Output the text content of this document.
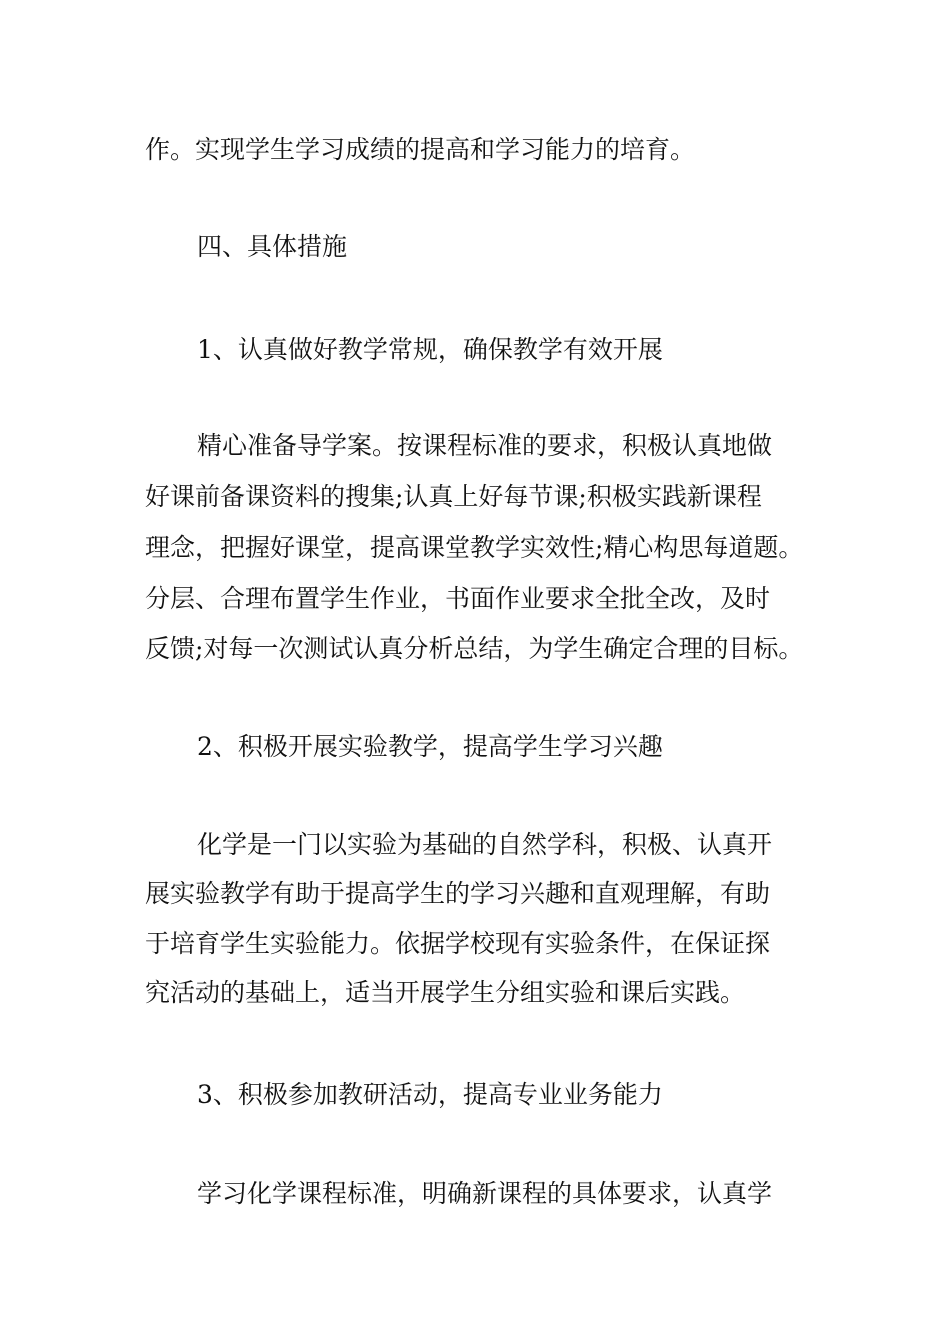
作。实现学生学习成绩的提高和学习能力的培育。
四、具体措施
1、认真做好教学常规，确保教学有效开展
精心准备导学案。按课程标准的要求，积极认真地做
好课前备课资料的搜集;认真上好每节课;积极实践新课程
理念，把握好课堂，提高课堂教学实效性;精心构思每道题。
分层、合理布置学生作业，书面作业要求全批全改，及时
反馈;对每一次测试认真分析总结，为学生确定合理的目标。
2、积极开展实验教学，提高学生学习兴趣
化学是一门以实验为基础的自然学科，积极、认真开
展实验教学有助于提高学生的学习兴趣和直观理解，有助
于培育学生实验能力。依据学校现有实验条件，在保证探
究活动的基础上，适当开展学生分组实验和课后实践。
3、积极参加教研活动，提高专业业务能力
学习化学课程标准，明确新课程的具体要求，认真学
